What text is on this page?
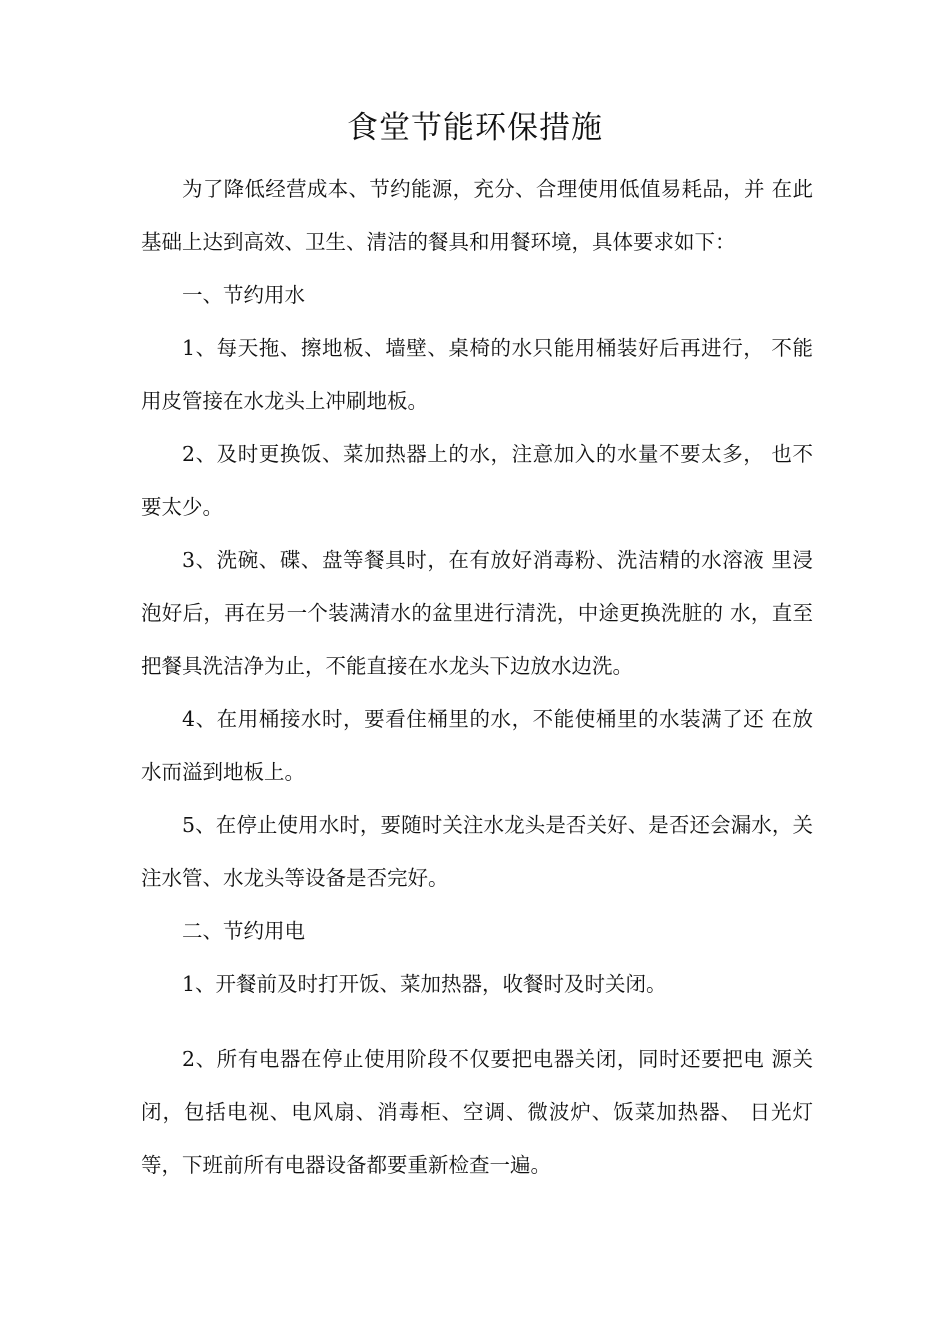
食堂节能环保措施

为了降低经营成本、节约能源，充分、合理使用低值易耗品，并 在此基础上达到高效、卫生、清洁的餐具和用餐环境，具体要求如下：

一、节约用水

1、每天拖、擦地板、墙壁、桌椅的水只能用桶装好后再进行， 不能用皮管接在水龙头上冲刷地板。

2、及时更换饭、菜加热器上的水，注意加入的水量不要太多， 也不要太少。

3、洗碗、碟、盘等餐具时，在有放好消毒粉、洗洁精的水溶液 里浸泡好后，再在另一个装满清水的盆里进行清洗，中途更换洗脏的 水，直至把餐具洗洁净为止，不能直接在水龙头下边放水边洗。

4、在用桶接水时，要看住桶里的水，不能使桶里的水装满了还 在放水而溢到地板上。

5、在停止使用水时，要随时关注水龙头是否关好、是否还会漏水，关注水管、水龙头等设备是否完好。

二、节约用电

1、开餐前及时打开饭、菜加热器，收餐时及时关闭。

2、所有电器在停止使用阶段不仅要把电器关闭，同时还要把电 源关闭，包括电视、电风扇、消毒柜、空调、微波炉、饭菜加热器、 日光灯等，下班前所有电器设备都要重新检查一遍。
